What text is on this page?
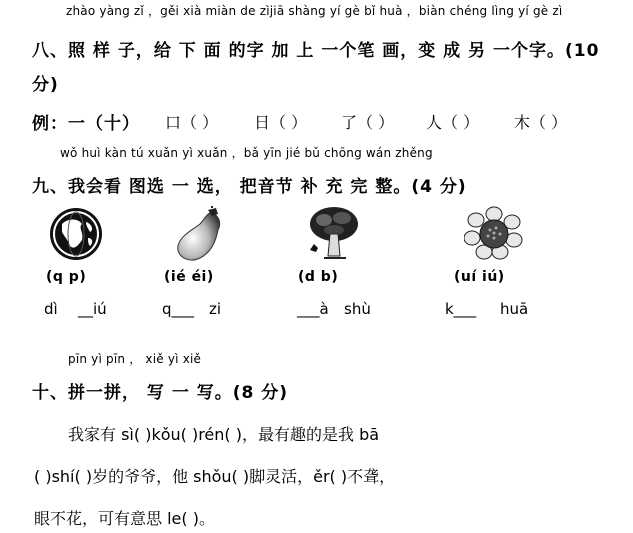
zhào yàng zǐ ，gěi xià miàn de zìjiā shàng yí gè bǐ huà ，biàn chéng lìng yí gè zì
八、照 样 子，给 下 面 的字 加 上 一个笔 画，变 成 另 一个字。(10
分)
例：一（十） 口（ ） 日（ ） 了（ ） 人（ ） 木（ ）
wǒ huì kàn tú xuǎn yì xuǎn ，bǎ yīn jié bǔ chōng wán zhěng
九、我会看 图选 一 选， 把音节 补 充 完 整。(4 分)
(q p)	(ié éi)	(d b)	(uí iú)
dì __iú	q___ zi	___à shù	k___ huā
pīn yì pīn ， xiě yì xiě
十、拼一拼， 写 一 写。(8 分)
我家有 sì( )kǒu( )rén( )，最有趣的是我 bā
( )shí( )岁的爷爷，他 shǒu( )脚灵活，ěr( )不聋，
眼不花，可有意思 le( )。
